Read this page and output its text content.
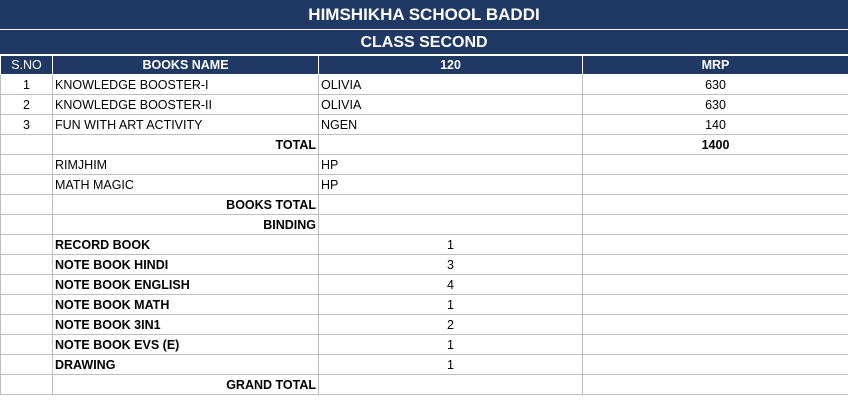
HIMSHIKHA SCHOOL BADDI
CLASS SECOND
S.NO	BOOKS NAME	120	MRP
1	KNOWLEDGE BOOSTER-I	OLIVIA	630
2	KNOWLEDGE BOOSTER-II	OLIVIA	630
3	FUN WITH ART ACTIVITY	NGEN	140
	TOTAL		1400
	RIMJHIM	HP	
	MATH MAGIC	HP	
	BOOKS TOTAL		
	BINDING		
	RECORD BOOK	1	
	NOTE BOOK HINDI	3	
	NOTE BOOK ENGLISH	4	
	NOTE BOOK MATH	1	
	NOTE BOOK 3IN1	2	
	NOTE BOOK EVS (E)	1	
	DRAWING	1	
	GRAND TOTAL		
